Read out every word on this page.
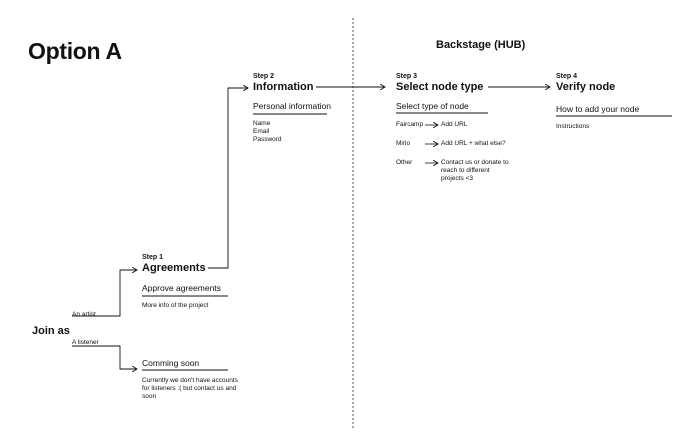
Option A	Backstage (HUB)
Join as
An artist
A listener
Step 1
Agreements
Approve agreements
More info of the project
Comming soon
Currently we don't have accounts for listeners :( but contact us and soon
Step 2
Information
Personal information
Name
Email
Password
Step 3
Select node type
Select type of node
Faircamp	Add URL
Mirlo	Add URL + what else?
Other	Contact us or donate to reach to different projects <3
Step 4
Verify node
How to add your node
Instructions
